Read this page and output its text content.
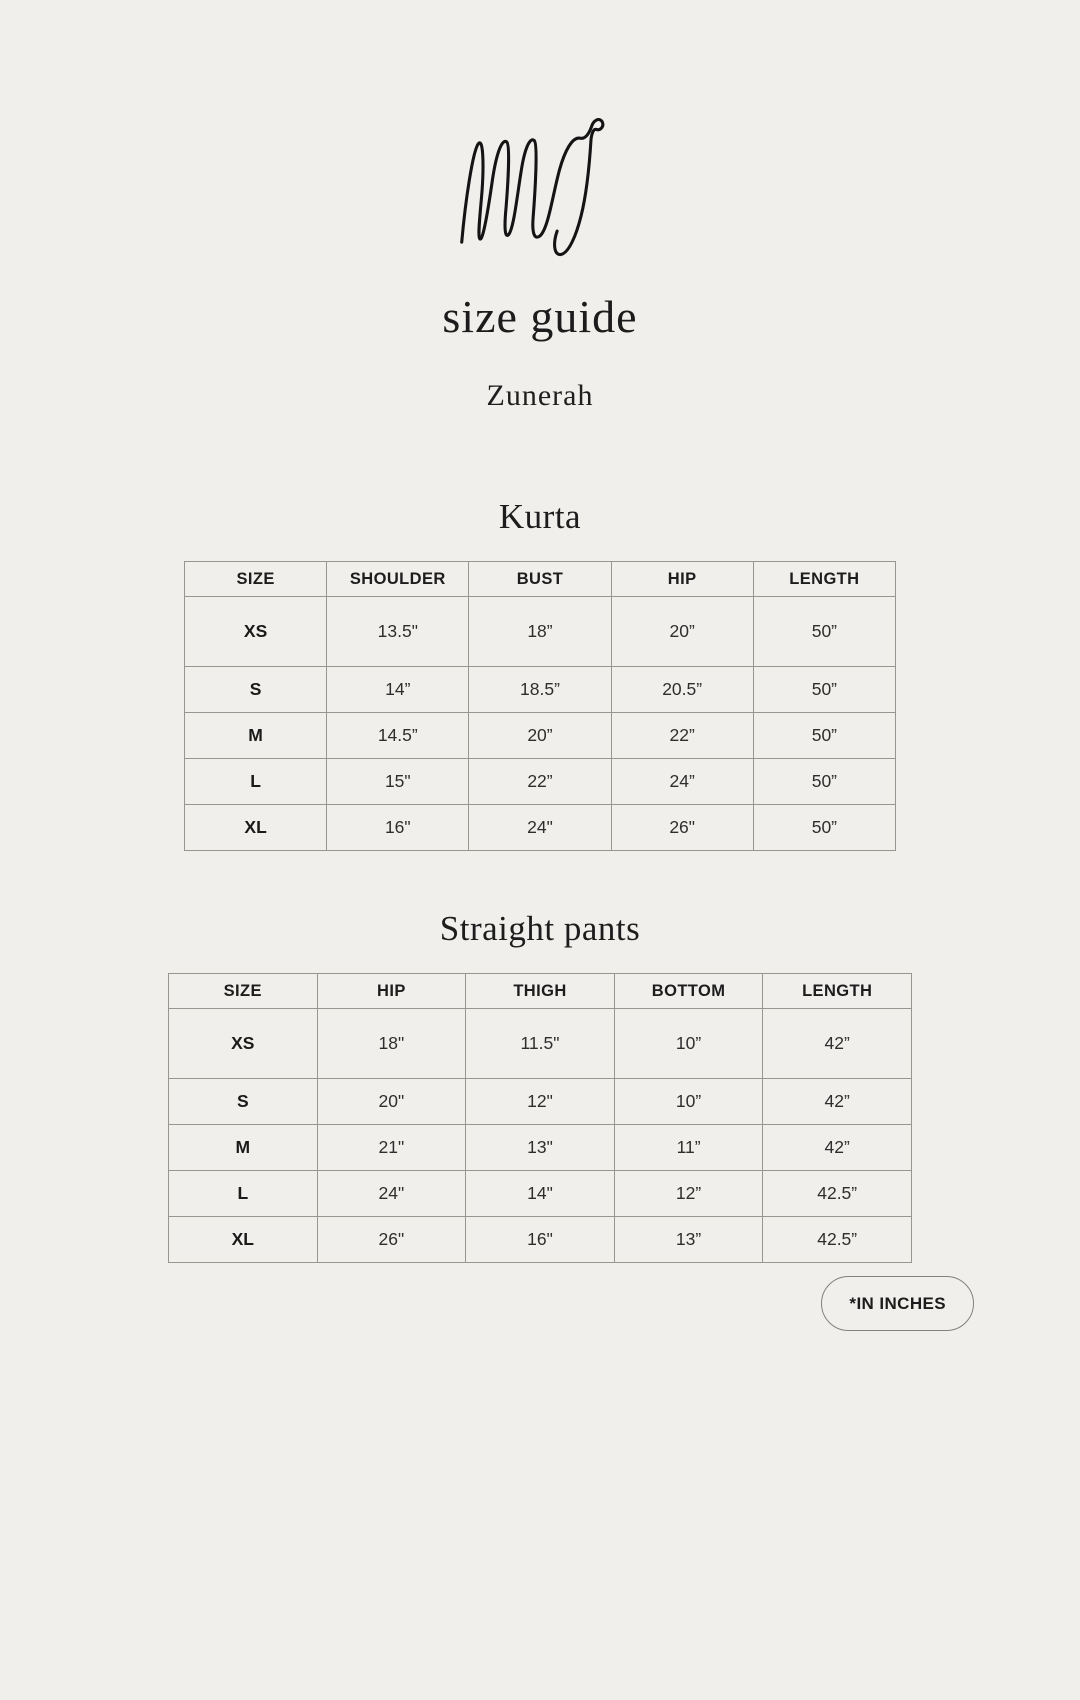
size guide
Zunerah
Kurta
SIZE	SHOULDER	BUST	HIP	LENGTH
XS	13.5"	18”	20”	50”
S	14”	18.5”	20.5”	50”
M	14.5”	20”	22”	50”
L	15"	22”	24”	50”
XL	16"	24"	26"	50”
Straight pants
SIZE	HIP	THIGH	BOTTOM	LENGTH
XS	18"	11.5"	10”	42”
S	20"	12"	10”	42”
M	21"	13"	11”	42”
L	24"	14"	12”	42.5”
XL	26"	16"	13”	42.5”
*IN INCHES
